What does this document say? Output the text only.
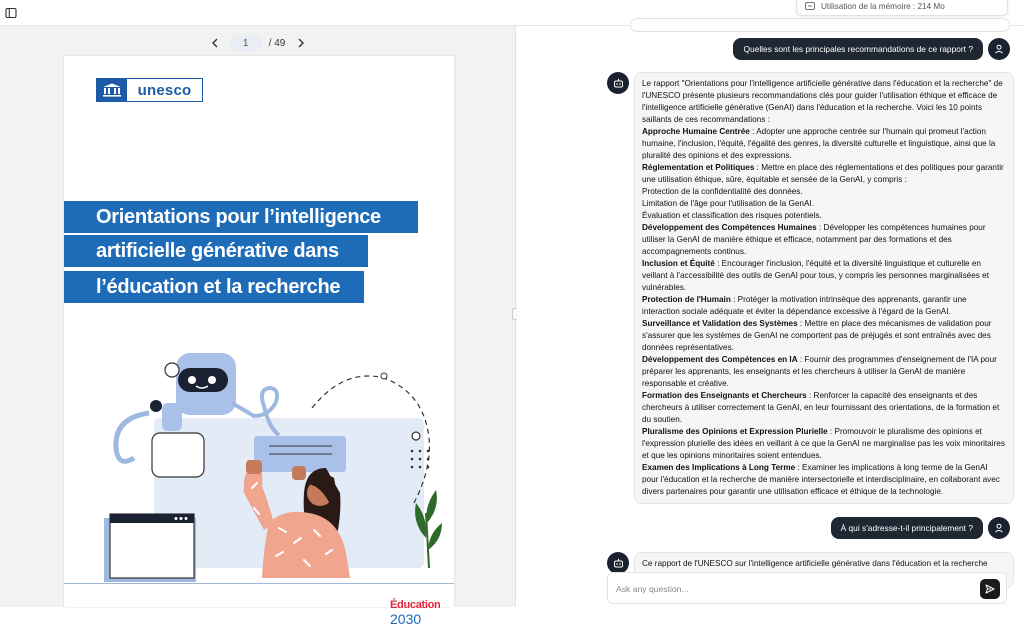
Utilisation de la mémoire : 214 Mo
1
/ 49
unesco
Orientations pour l’intelligence
artificielle générative dans
l’éducation et la recherche
Éducation
2030
Quelles sont les principales recommandations de ce rapport ?

Le rapport "Orientations pour l'intelligence artificielle générative dans l'éducation et la recherche" de l'UNESCO présente plusieurs recommandations clés pour guider l'utilisation éthique et efficace de l'intelligence artificielle générative (GenAI) dans l'éducation et la recherche. Voici les 10 points saillants de ces recommandations :

Approche Humaine Centrée : Adopter une approche centrée sur l'humain qui promeut l'action humaine, l'inclusion, l'équité, l'égalité des genres, la diversité culturelle et linguistique, ainsi que la pluralité des opinions et des expressions.

Réglementation et Politiques : Mettre en place des réglementations et des politiques pour garantir une utilisation éthique, sûre, équitable et sensée de la GenAI, y compris :

Protection de la confidentialité des données.

Limitation de l'âge pour l'utilisation de la GenAI.

Évaluation et classification des risques potentiels.

Développement des Compétences Humaines : Développer les compétences humaines pour utiliser la GenAI de manière éthique et efficace, notamment par des formations et des accompagnements continus.

Inclusion et Équité : Encourager l'inclusion, l'équité et la diversité linguistique et culturelle en veillant à l'accessibilité des outils de GenAI pour tous, y compris les personnes marginalisées et vulnérables.

Protection de l'Humain : Protéger la motivation intrinsèque des apprenants, garantir une interaction sociale adéquate et éviter la dépendance excessive à l'égard de la GenAI.

Surveillance et Validation des Systèmes : Mettre en place des mécanismes de validation pour s'assurer que les systèmes de GenAI ne comportent pas de préjugés et sont entraînés avec des données représentatives.

Développement des Compétences en IA : Fournir des programmes d'enseignement de l'IA pour préparer les apprenants, les enseignants et les chercheurs à utiliser la GenAI de manière responsable et créative.

Formation des Enseignants et Chercheurs : Renforcer la capacité des enseignants et des chercheurs à utiliser correctement la GenAI, en leur fournissant des orientations, de la formation et du soutien.

Pluralisme des Opinions et Expression Plurielle : Promouvoir le pluralisme des opinions et l'expression plurielle des idées en veillant à ce que la GenAI ne marginalise pas les voix minoritaires et que les opinions minoritaires soient entendues.

Examen des Implications à Long Terme : Examiner les implications à long terme de la GenAI pour l'éducation et la recherche de manière intersectorielle et interdisciplinaire, en collaborant avec divers partenaires pour garantir une utilisation efficace et éthique de la technologie.

À qui s'adresse-t-il principalement ?

Ce rapport de l'UNESCO sur l'intelligence artificielle générative dans l'éducation et la recherche

Ask any question...
